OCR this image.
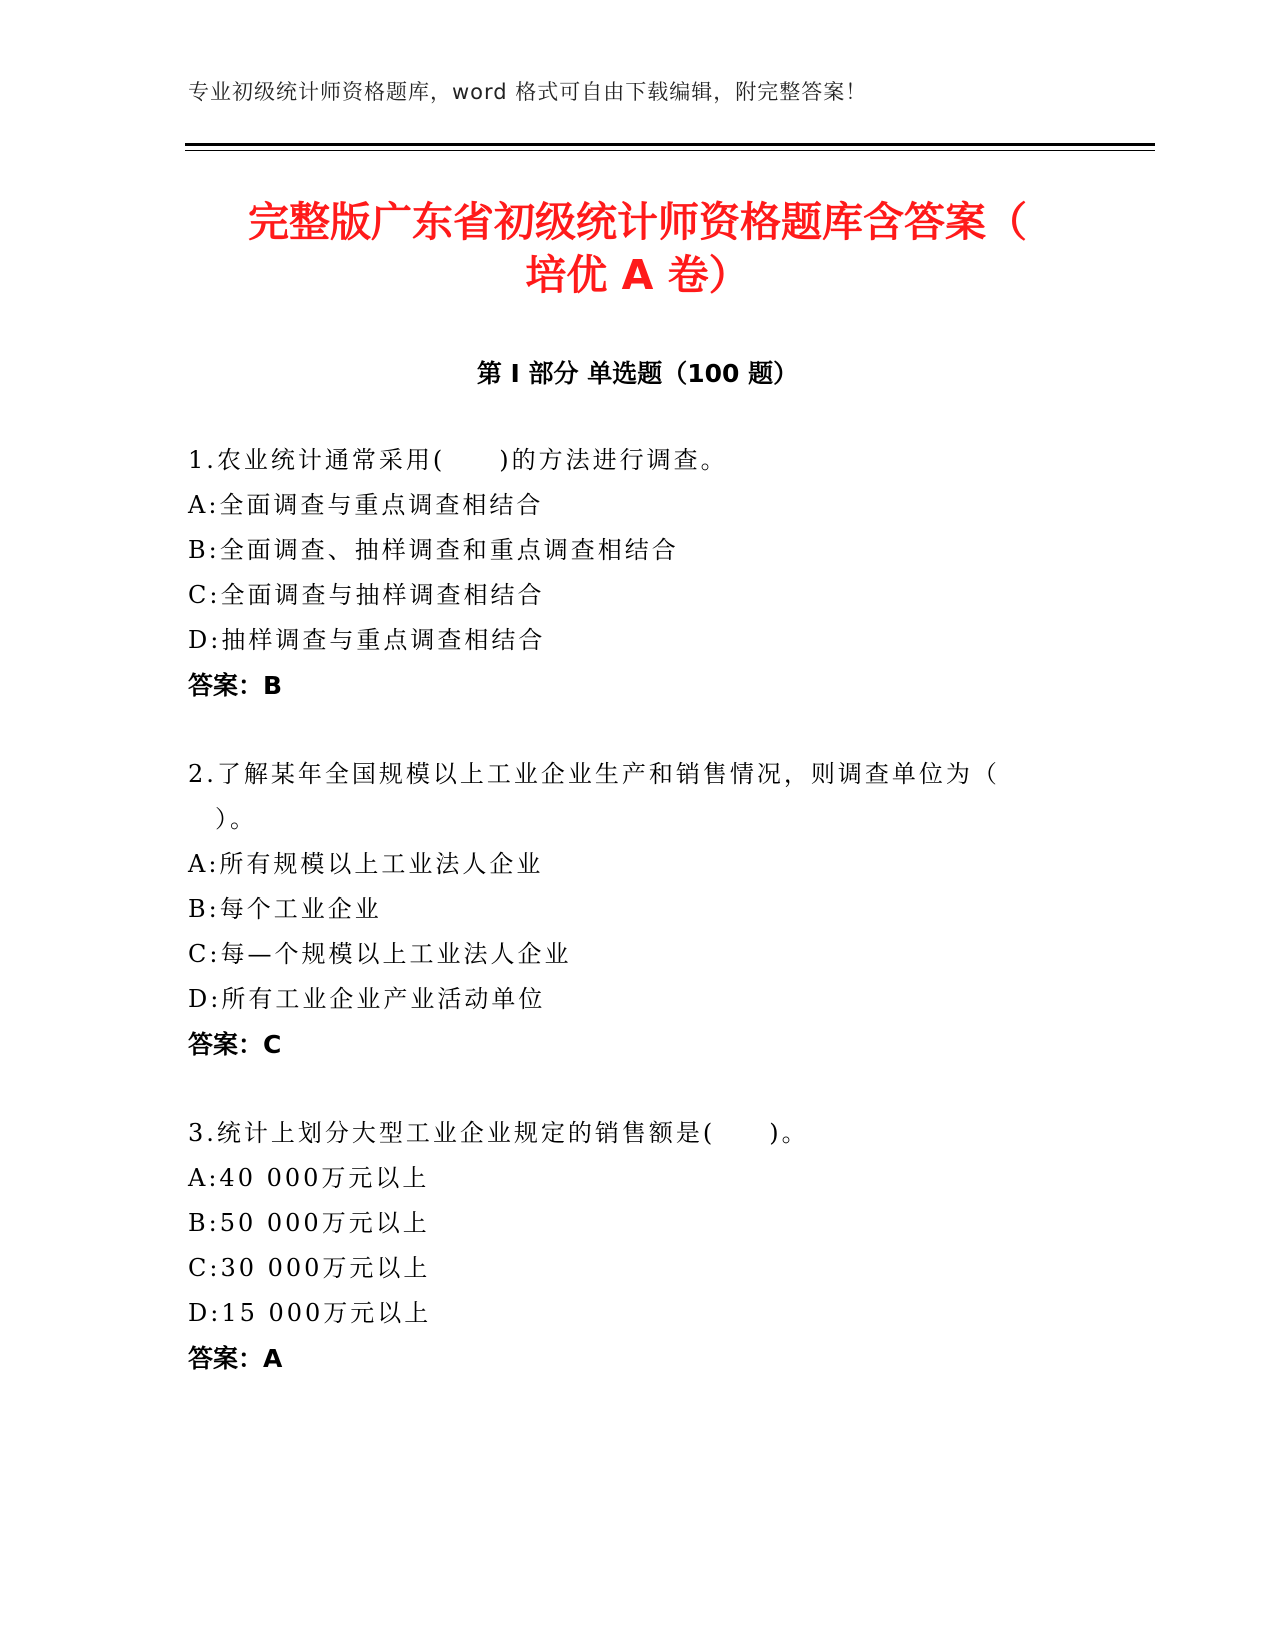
专业初级统计师资格题库，word 格式可自由下载编辑，附完整答案！
完整版广东省初级统计师资格题库含答案（
培优 A 卷）
第 I 部分 单选题（100 题）
1.农业统计通常采用(　　)的方法进行调查。
A:全面调查与重点调查相结合
B:全面调查、抽样调查和重点调查相结合
C:全面调查与抽样调查相结合
D:抽样调查与重点调查相结合
答案：B
2.了解某年全国规模以上工业企业生产和销售情况，则调查单位为（
　）。
A:所有规模以上工业法人企业
B:每个工业企业
C:每—个规模以上工业法人企业
D:所有工业企业产业活动单位
答案：C
3.统计上划分大型工业企业规定的销售额是(　　)。
A:40 000万元以上
B:50 000万元以上
C:30 000万元以上
D:15 000万元以上
答案：A
